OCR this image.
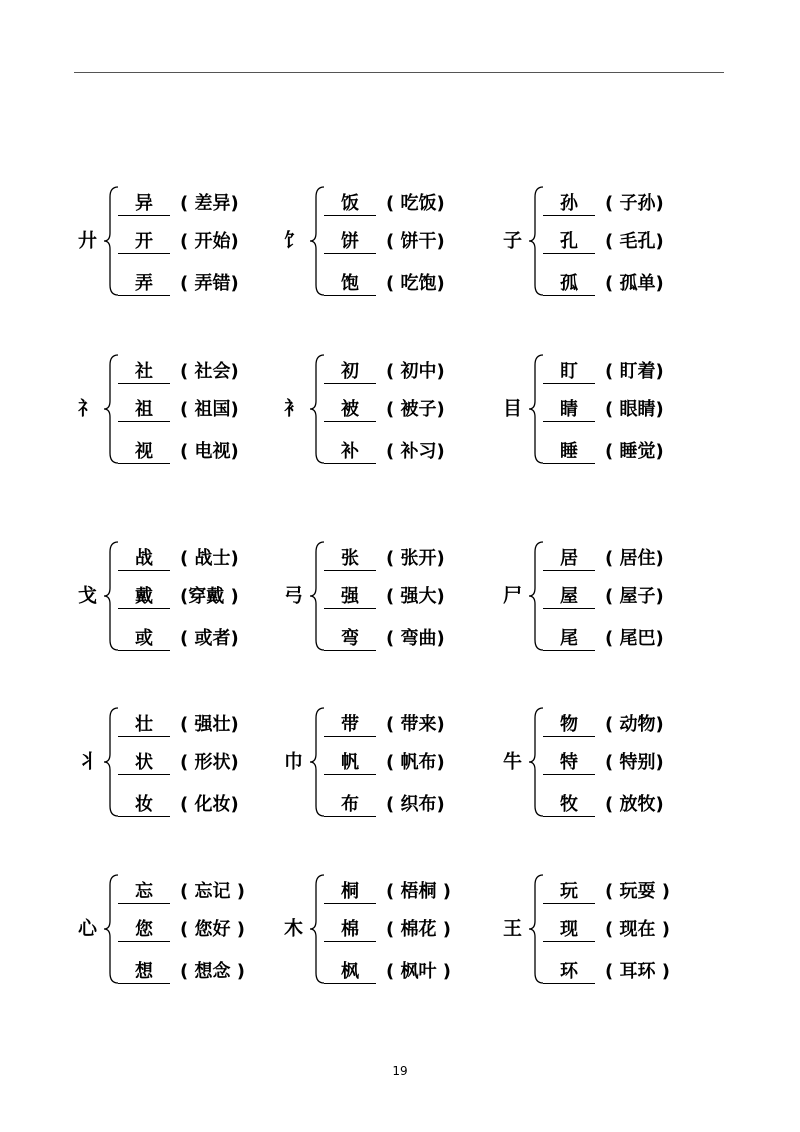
廾
异 ( 差异)
开 ( 开始)
弄 ( 弄错)
饣
饭 ( 吃饭)
饼 ( 饼干)
饱 ( 吃饱)
子
孙 ( 子孙)
孔 ( 毛孔)
孤 ( 孤单)
礻
社 ( 社会)
祖 ( 祖国)
视 ( 电视)
衤
初 ( 初中)
被 ( 被子)
补 ( 补习)
目
盯 ( 盯着)
睛 ( 眼睛)
睡 ( 睡觉)
戈
战 ( 战士)
戴 (穿戴 )
或 ( 或者)
弓
张 ( 张开)
强 ( 强大)
弯 ( 弯曲)
尸
居 ( 居住)
屋 ( 屋子)
尾 ( 尾巴)
丬
壮 ( 强壮)
状 ( 形状)
妆 ( 化妆)
巾
带 ( 带来)
帆 ( 帆布)
布 ( 织布)
牛
物 ( 动物)
特 ( 特别)
牧 ( 放牧)
心
忘 ( 忘记 )
您 ( 您好 )
想 ( 想念 )
木
桐 ( 梧桐 )
棉 ( 棉花 )
枫 ( 枫叶 )
王
玩 ( 玩耍 )
现 ( 现在 )
环 ( 耳环 )
19
